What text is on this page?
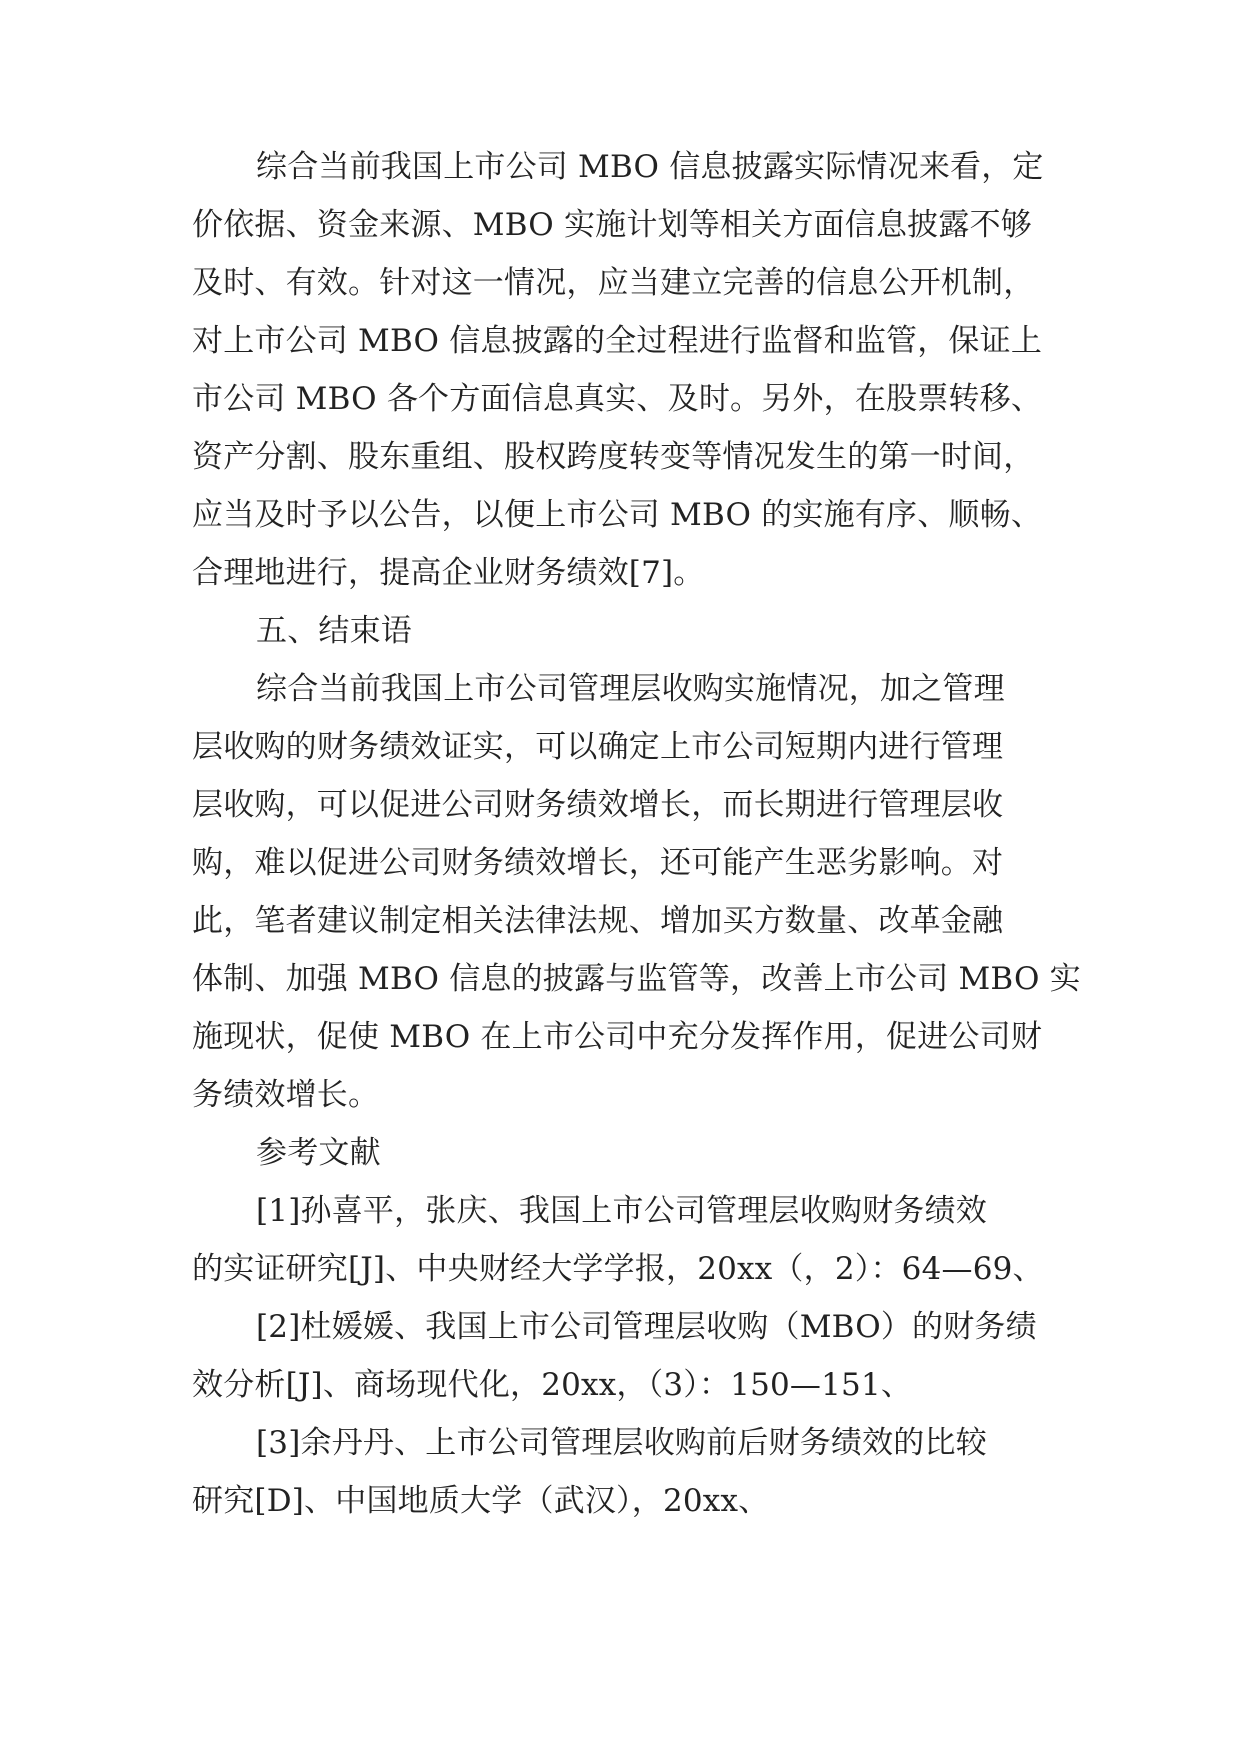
综合当前我国上市公司 MBO 信息披露实际情况来看，定
价依据、资金来源、MBO 实施计划等相关方面信息披露不够
及时、有效。针对这一情况，应当建立完善的信息公开机制，
对上市公司 MBO 信息披露的全过程进行监督和监管，保证上
市公司 MBO 各个方面信息真实、及时。另外，在股票转移、
资产分割、股东重组、股权跨度转变等情况发生的第一时间，
应当及时予以公告，以便上市公司 MBO 的实施有序、顺畅、
合理地进行，提高企业财务绩效[7]。
五、结束语
综合当前我国上市公司管理层收购实施情况，加之管理
层收购的财务绩效证实，可以确定上市公司短期内进行管理
层收购，可以促进公司财务绩效增长，而长期进行管理层收
购，难以促进公司财务绩效增长，还可能产生恶劣影响。对
此，笔者建议制定相关法律法规、增加买方数量、改革金融
体制、加强 MBO 信息的披露与监管等，改善上市公司 MBO 实
施现状，促使 MBO 在上市公司中充分发挥作用，促进公司财
务绩效增长。
参考文献
[1]孙喜平，张庆、我国上市公司管理层收购财务绩效
的实证研究[J]、中央财经大学学报，20xx（，2）：64—69、
[2]杜媛媛、我国上市公司管理层收购（MBO）的财务绩
效分析[J]、商场现代化，20xx，（3）：150—151、
[3]余丹丹、上市公司管理层收购前后财务绩效的比较
研究[D]、中国地质大学（武汉），20xx、
